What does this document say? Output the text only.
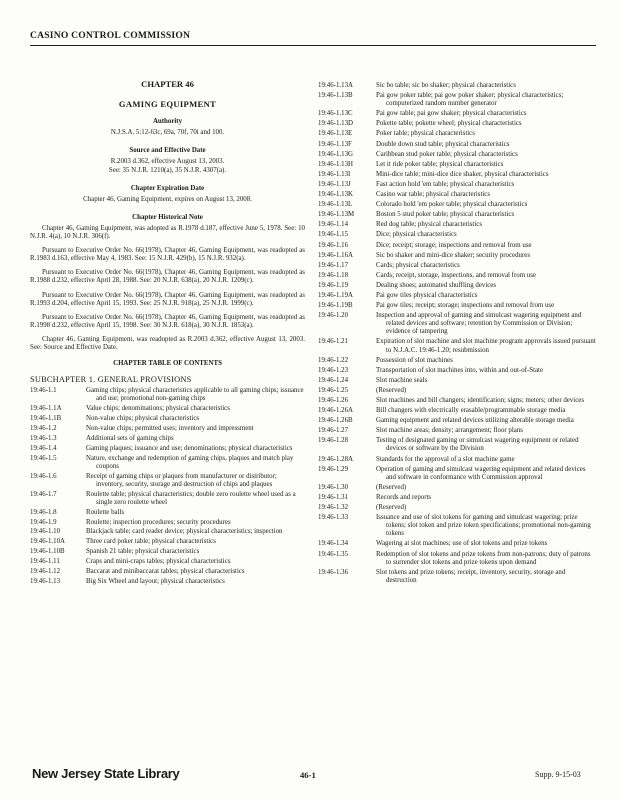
CASINO CONTROL COMMISSION
CHAPTER 46
GAMING EQUIPMENT
Authority
N.J.S.A. 5:12-63c, 69a, 70f, 70i and 100.
Source and Effective Date
R.2003 d.362, effective August 13, 2003.
See: 35 N.J.R. 1210(a), 35 N.J.R. 4307(a).
Chapter Expiration Date
Chapter 46, Gaming Equipment, expires on August 13, 2008.
Chapter Historical Note

Chapter 46, Gaming Equipment, was adopted as R.1978 d.187, effective June 5, 1978. See: 10 N.J.R. 4(a), 10 N.J.R. 306(f).

Pursuant to Executive Order No. 66(1978), Chapter 46, Gaming Equipment, was readopted as R.1983 d.163, effective May 4, 1983. See: 15 N.J.R. 429(b), 15 N.J.R. 932(a).

Pursuant to Executive Order No. 66(1978), Chapter 46, Gaming Equipment, was readopted as R.1988 d.232, effective April 28, 1988. See: 20 N.J.R. 638(a), 20 N.J.R. 1209(c).

Pursuant to Executive Order No. 66(1978), Chapter 46, Gaming Equipment, was readopted as R.1993 d.204, effective April 15, 1993. See: 25 N.J.R. 918(a), 25 N.J.R. 1999(c).

Pursuant to Executive Order No. 66(1978), Chapter 46, Gaming Equipment, was readopted as R.1998 d.232, effective April 15, 1998. See: 30 N.J.R. 618(a), 30 N.J.R. 1853(a).

Chapter 46, Gaming Equipment, was readopted as R.2003 d.362, effective August 13, 2003. See: Source and Effective Date.

CHAPTER TABLE OF CONTENTS
SUBCHAPTER 1. GENERAL PROVISIONS
19:46-1.1	Gaming chips; physical characteristics applicable to all gaming chips; issuance and use; promotional non-gaming chips
19:46-1.1A	Value chips; denominations; physical characteristics
19:46-1.1B	Non-value chips; physical characteristics
19:46-1.2	Non-value chips; permitted uses; inventory and impressment
19:46-1.3	Additional sets of gaming chips
19:46-1.4	Gaming plaques; issuance and use; denominations; physical characteristics
19:46-1.5	Nature, exchange and redemption of gaming chips, plaques and match play coupons
19:46-1.6	Receipt of gaming chips or plaques from manufacturer or distributor; inventory, security, storage and destruction of chips and plaques
19:46-1.7	Roulette table; physical characteristics; double zero roulette wheel used as a single zero roulette wheel
19:46-1.8	Roulette balls
19:46-1.9	Roulette; inspection procedures; security procedures
19:46-1.10	Blackjack table; card reader device; physical characteristics; inspection
19:46-1.10A	Three card poker table; physical characteristics
19:46-1.10B	Spanish 21 table; physical characteristics
19:46-1.11	Craps and mini-craps tables; physical characteristics
19:46-1.12	Baccarat and minibaccarat tables; physical characteristics
19:46-1.13	Big Six Wheel and layout; physical characteristics
19:46-1.13A	Sic bo table; sic bo shaker; physical characteristics
19:46-1.13B	Pai gow poker table; pai gow poker shaker; physical characteristics; computerized random number generator
19:46-1.13C	Pai gow table; pai gow shaker; physical characteristics
19:46-1.13D	Pokette table; pokette wheel; physical characteristics
19:46-1.13E	Poker table; physical characteristics
19:46-1.13F	Double down stud table; physical characteristics
19:46-1.13G	Caribbean stud poker table; physical characteristics
19:46-1.13H	Let it ride poker table; physical characteristics
19:46-1.13I	Mini-dice table; mini-dice dice shaker, physical characteristics
19:46-1.13J	Fast action hold 'em table; physical characteristics
19:46-1.13K	Casino war table; physical characteristics
19:46-1.13L	Colorado hold 'em poker table; physical characteristics
19:46-1.13M	Boston 5 stud poker table; physical characteristics
19:46-1.14	Red dog table; physical characteristics
19:46-1.15	Dice; physical characteristics
19:46-1.16	Dice; receipt; storage; inspections and removal from use
19:46-1.16A	Sic bo shaker and mini-dice shaker; security procedures
19:46-1.17	Cards; physical characteristics
19:46-1.18	Cards; receipt, storage, inspections, and removal from use
19:46-1.19	Dealing shoes; automated shuffling devices
19:46-1.19A	Pai gow tiles physical characteristics
19:46-1.19B	Pai gow tiles; receipt; storage; inspections and removal from use
19:46-1.20	Inspection and approval of gaming and simulcast wagering equipment and related devices and software; retention by Commission or Division; evidence of tampering
19:46-1.21	Expiration of slot machine and slot machine program approvals issued pursuant to N.J.A.C. 19:46-1.20; resubmission
19:46-1.22	Possession of slot machines
19:46-1.23	Transportation of slot machines into, within and out-of-State
19:46-1.24	Slot machine seals
19:46-1.25	(Reserved)
19:46-1.26	Slot machines and bill changers; identification; signs; meters; other devices
19:46-1.26A	Bill changers with electrically erasable/programmable storage media
19:46-1.26B	Gaming equipment and related devices utilizing alterable storage media
19:46-1.27	Slot machine areas; density; arrangement; floor plans
19:46-1.28	Testing of designated gaming or simulcast wagering equipment or related devices or software by the Division
19:46-1.28A	Standards for the approval of a slot machine game
19:46-1.29	Operation of gaming and simulcast wagering equipment and related devices and software in conformance with Commission approval
19:46-1.30	(Reserved)
19:46-1.31	Records and reports
19:46-1.32	(Reserved)
19:46-1.33	Issuance and use of slot tokens for gaming and simulcast wagering; prize tokens; slot token and prize token specifications; promotional non-gaming tokens
19:46-1.34	Wagering at slot machines; use of slot tokens and prize tokens
19:46-1.35	Redemption of slot tokens and prize tokens from non-patrons; duty of patrons to surrender slot tokens and prize tokens upon demand
19:46-1.36	Slot tokens and prize tokens; receipt, inventory, security, storage and destruction
New Jersey State Library	46-1	Supp. 9-15-03
